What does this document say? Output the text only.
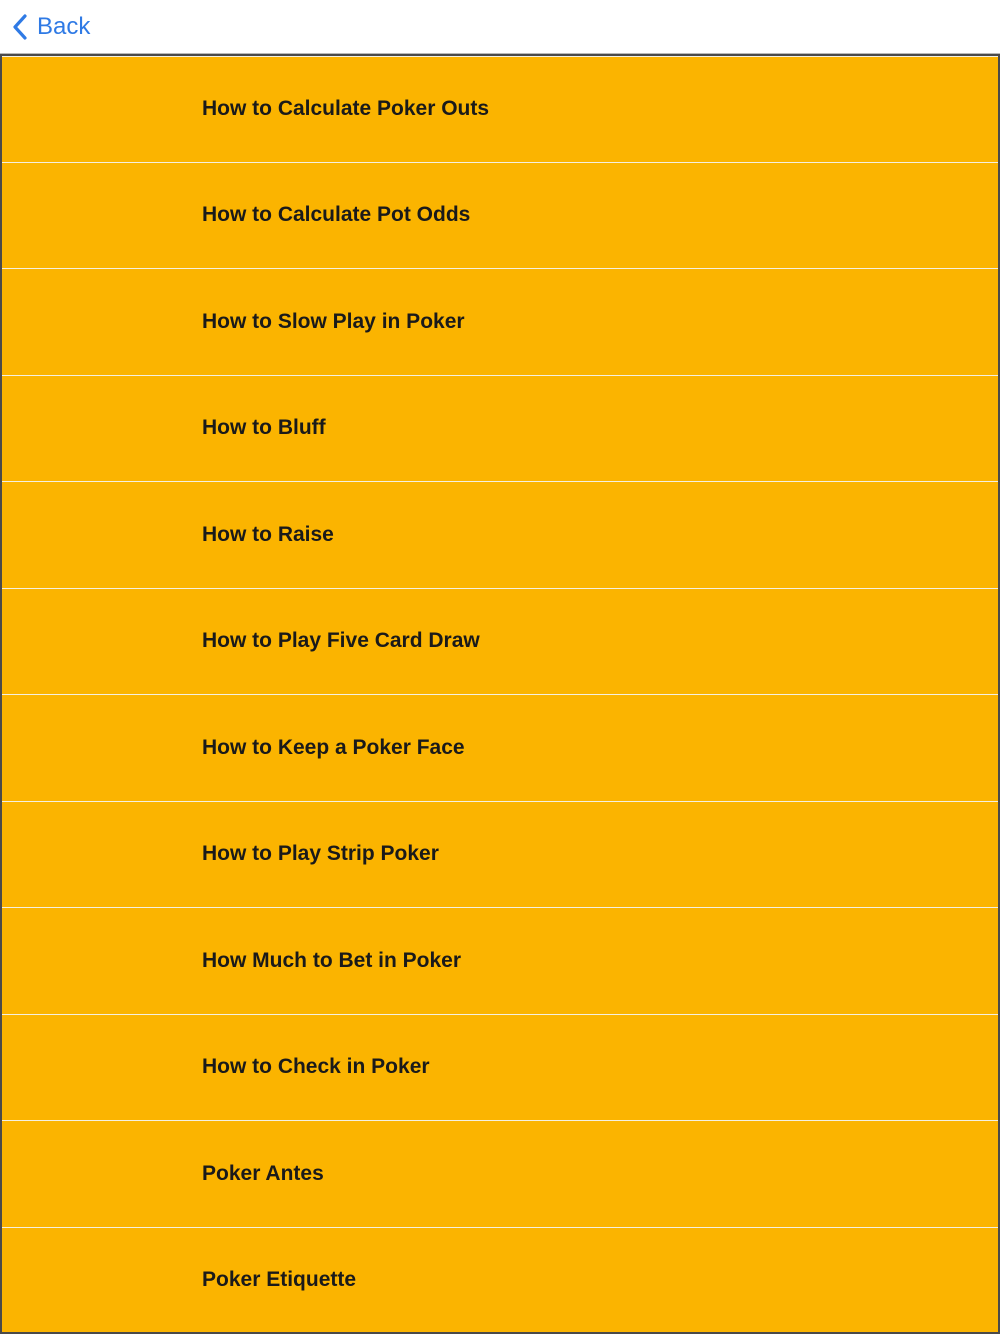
Back
How to Calculate Poker Outs
How to Calculate Pot Odds
How to Slow Play in Poker
How to Bluff
How to Raise
How to Play Five Card Draw
How to Keep a Poker Face
How to Play Strip Poker
How Much to Bet in Poker
How to Check in Poker
Poker Antes
Poker Etiquette
